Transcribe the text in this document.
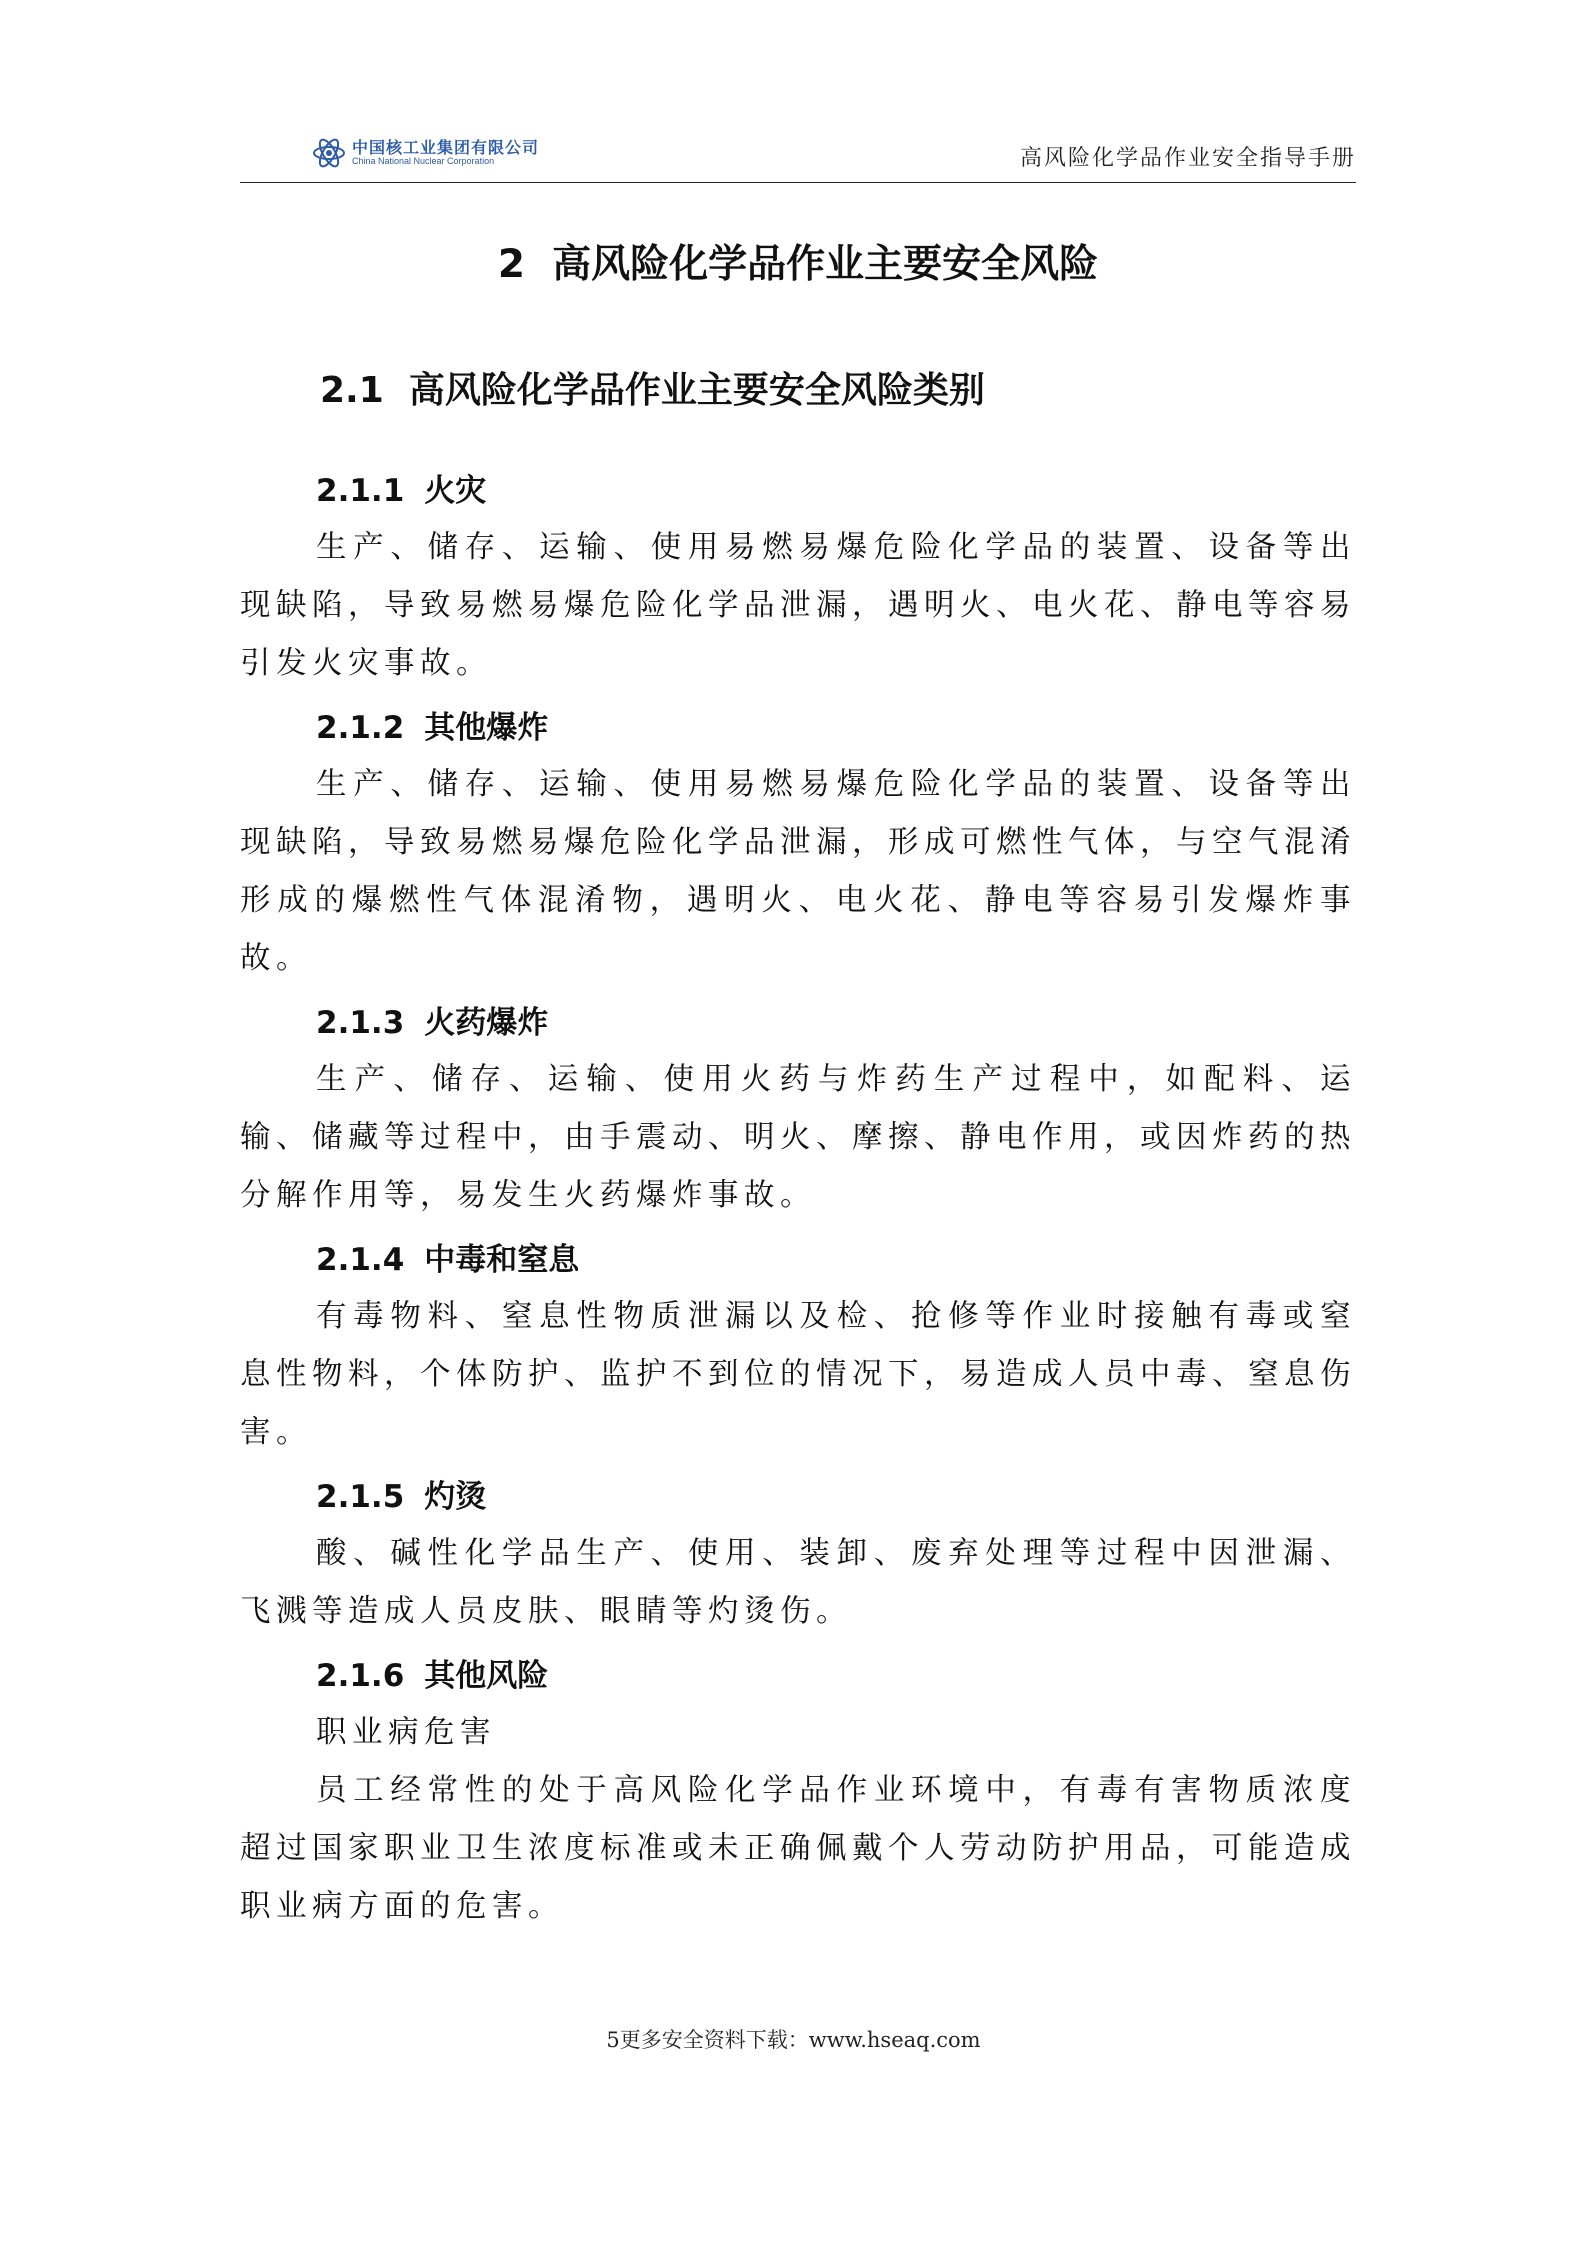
中国核工业集团有限公司
China National Nuclear Corporation	高风险化学品作业安全指导手册
2 高风险化学品作业主要安全风险
2.1 高风险化学品作业主要安全风险类别
2.1.1 火灾

生产、储存、运输、使用易燃易爆危险化学品的装置、设备等出现缺陷，导致易燃易爆危险化学品泄漏，遇明火、电火花、静电等容易引发火灾事故。

2.1.2 其他爆炸

生产、储存、运输、使用易燃易爆危险化学品的装置、设备等出现缺陷，导致易燃易爆危险化学品泄漏，形成可燃性气体，与空气混淆形成的爆燃性气体混淆物，遇明火、电火花、静电等容易引发爆炸事故。

2.1.3 火药爆炸

生产、储存、运输、使用火药与炸药生产过程中，如配料、运输、储藏等过程中，由手震动、明火、摩擦、静电作用，或因炸药的热分解作用等，易发生火药爆炸事故。

2.1.4 中毒和窒息

有毒物料、窒息性物质泄漏以及检、抢修等作业时接触有毒或窒息性物料，个体防护、监护不到位的情况下，易造成人员中毒、窒息伤害。

2.1.5 灼烫

酸、碱性化学品生产、使用、装卸、废弃处理等过程中因泄漏、飞溅等造成人员皮肤、眼睛等灼烫伤。

2.1.6 其他风险

职业病危害

员工经常性的处于高风险化学品作业环境中，有毒有害物质浓度超过国家职业卫生浓度标准或未正确佩戴个人劳动防护用品，可能造成职业病方面的危害。

5更多安全资料下载：www.hseaq.com
